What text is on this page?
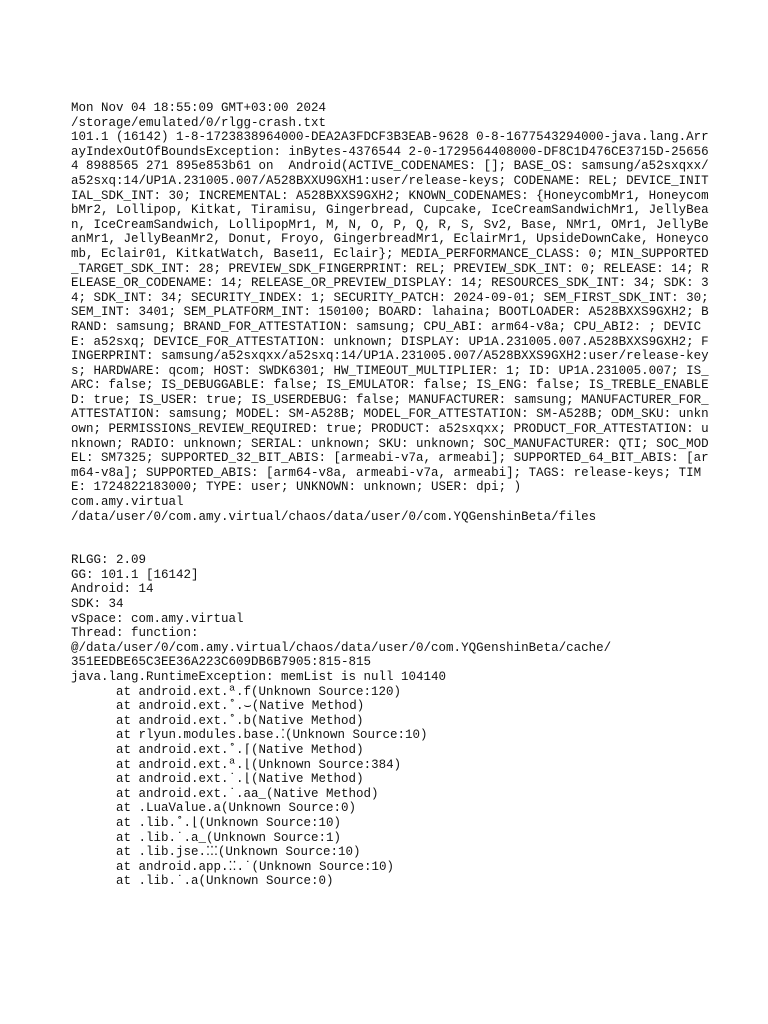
Mon Nov 04 18:55:09 GMT+03:00 2024
/storage/emulated/0/rlgg-crash.txt
101.1 (16142) 1-8-1723838964000-DEA2A3FDCF3B3EAB-9628 0-8-1677543294000-java.lang.ArrayIndexOutOfBoundsException: inBytes-4376544 2-0-1729564408000-DF8C1D476CE3715D-256564 8988565 271 895e853b61 on  Android(ACTIVE_CODENAMES: []; BASE_OS: samsung/a52sxqxx/a52sxq:14/UP1A.231005.007/A528BXXU9GXH1:user/release-keys; CODENAME: REL; DEVICE_INITIAL_SDK_INT: 30; INCREMENTAL: A528BXXS9GXH2; KNOWN_CODENAMES: {HoneycombMr1, HoneycombMr2, Lollipop, Kitkat, Tiramisu, Gingerbread, Cupcake, IceCreamSandwichMr1, JellyBean, IceCreamSandwich, LollipopMr1, M, N, O, P, Q, R, S, Sv2, Base, NMr1, OMr1, JellyBeanMr1, JellyBeanMr2, Donut, Froyo, GingerbreadMr1, EclairMr1, UpsideDownCake, Honeycomb, Eclair01, KitkatWatch, Base11, Eclair}; MEDIA_PERFORMANCE_CLASS: 0; MIN_SUPPORTED_TARGET_SDK_INT: 28; PREVIEW_SDK_FINGERPRINT: REL; PREVIEW_SDK_INT: 0; RELEASE: 14; RELEASE_OR_CODENAME: 14; RELEASE_OR_PREVIEW_DISPLAY: 14; RESOURCES_SDK_INT: 34; SDK: 34; SDK_INT: 34; SECURITY_INDEX: 1; SECURITY_PATCH: 2024-09-01; SEM_FIRST_SDK_INT: 30; SEM_INT: 3401; SEM_PLATFORM_INT: 150100; BOARD: lahaina; BOOTLOADER: A528BXXS9GXH2; BRAND: samsung; BRAND_FOR_ATTESTATION: samsung; CPU_ABI: arm64-v8a; CPU_ABI2: ; DEVICE: a52sxq; DEVICE_FOR_ATTESTATION: unknown; DISPLAY: UP1A.231005.007.A528BXXS9GXH2; FINGERPRINT: samsung/a52sxqxx/a52sxq:14/UP1A.231005.007/A528BXXS9GXH2:user/release-keys; HARDWARE: qcom; HOST: SWDK6301; HW_TIMEOUT_MULTIPLIER: 1; ID: UP1A.231005.007; IS_ARC: false; IS_DEBUGGABLE: false; IS_EMULATOR: false; IS_ENG: false; IS_TREBLE_ENABLED: true; IS_USER: true; IS_USERDEBUG: false; MANUFACTURER: samsung; MANUFACTURER_FOR_ATTESTATION: samsung; MODEL: SM-A528B; MODEL_FOR_ATTESTATION: SM-A528B; ODM_SKU: unknown; PERMISSIONS_REVIEW_REQUIRED: true; PRODUCT: a52sxqxx; PRODUCT_FOR_ATTESTATION: unknown; RADIO: unknown; SERIAL: unknown; SKU: unknown; SOC_MANUFACTURER: QTI; SOC_MODEL: SM7325; SUPPORTED_32_BIT_ABIS: [armeabi-v7a, armeabi]; SUPPORTED_64_BIT_ABIS: [arm64-v8a]; SUPPORTED_ABIS: [arm64-v8a, armeabi-v7a, armeabi]; TAGS: release-keys; TIME: 1724822183000; TYPE: user; UNKNOWN: unknown; USER: dpi; )
com.amy.virtual
/data/user/0/com.amy.virtual/chaos/data/user/0/com.YQGenshinBeta/files
RLGG: 2.09
GG: 101.1 [16142]
Android: 14
SDK: 34
vSpace: com.amy.virtual
Thread: function:
@/data/user/0/com.amy.virtual/chaos/data/user/0/com.YQGenshinBeta/cache/
351EEDBE65C3EE36A223C609DB6B7905:815-815
java.lang.RuntimeException: memList is null 104140
at android.ext.ª.f(Unknown Source:120)
at android.ext.˚.⌣(Native Method)
at android.ext.˚.b(Native Method)
at rlyun.modules.base.⁚(Unknown Source:10)
at android.ext.˚.⌈(Native Method)
at android.ext.ª.⌊(Unknown Source:384)
at android.ext.˙.⌊(Native Method)
at android.ext.˙.aa_(Native Method)
at .LuaValue.a(Unknown Source:0)
at .lib.˚.⌊(Unknown Source:10)
at .lib.˙.a_(Unknown Source:1)
at .lib.jse.⁚⁚⁚(Unknown Source:10)
at android.app.⁚⁚.˙(Unknown Source:10)
at .lib.˙.a(Unknown Source:0)
